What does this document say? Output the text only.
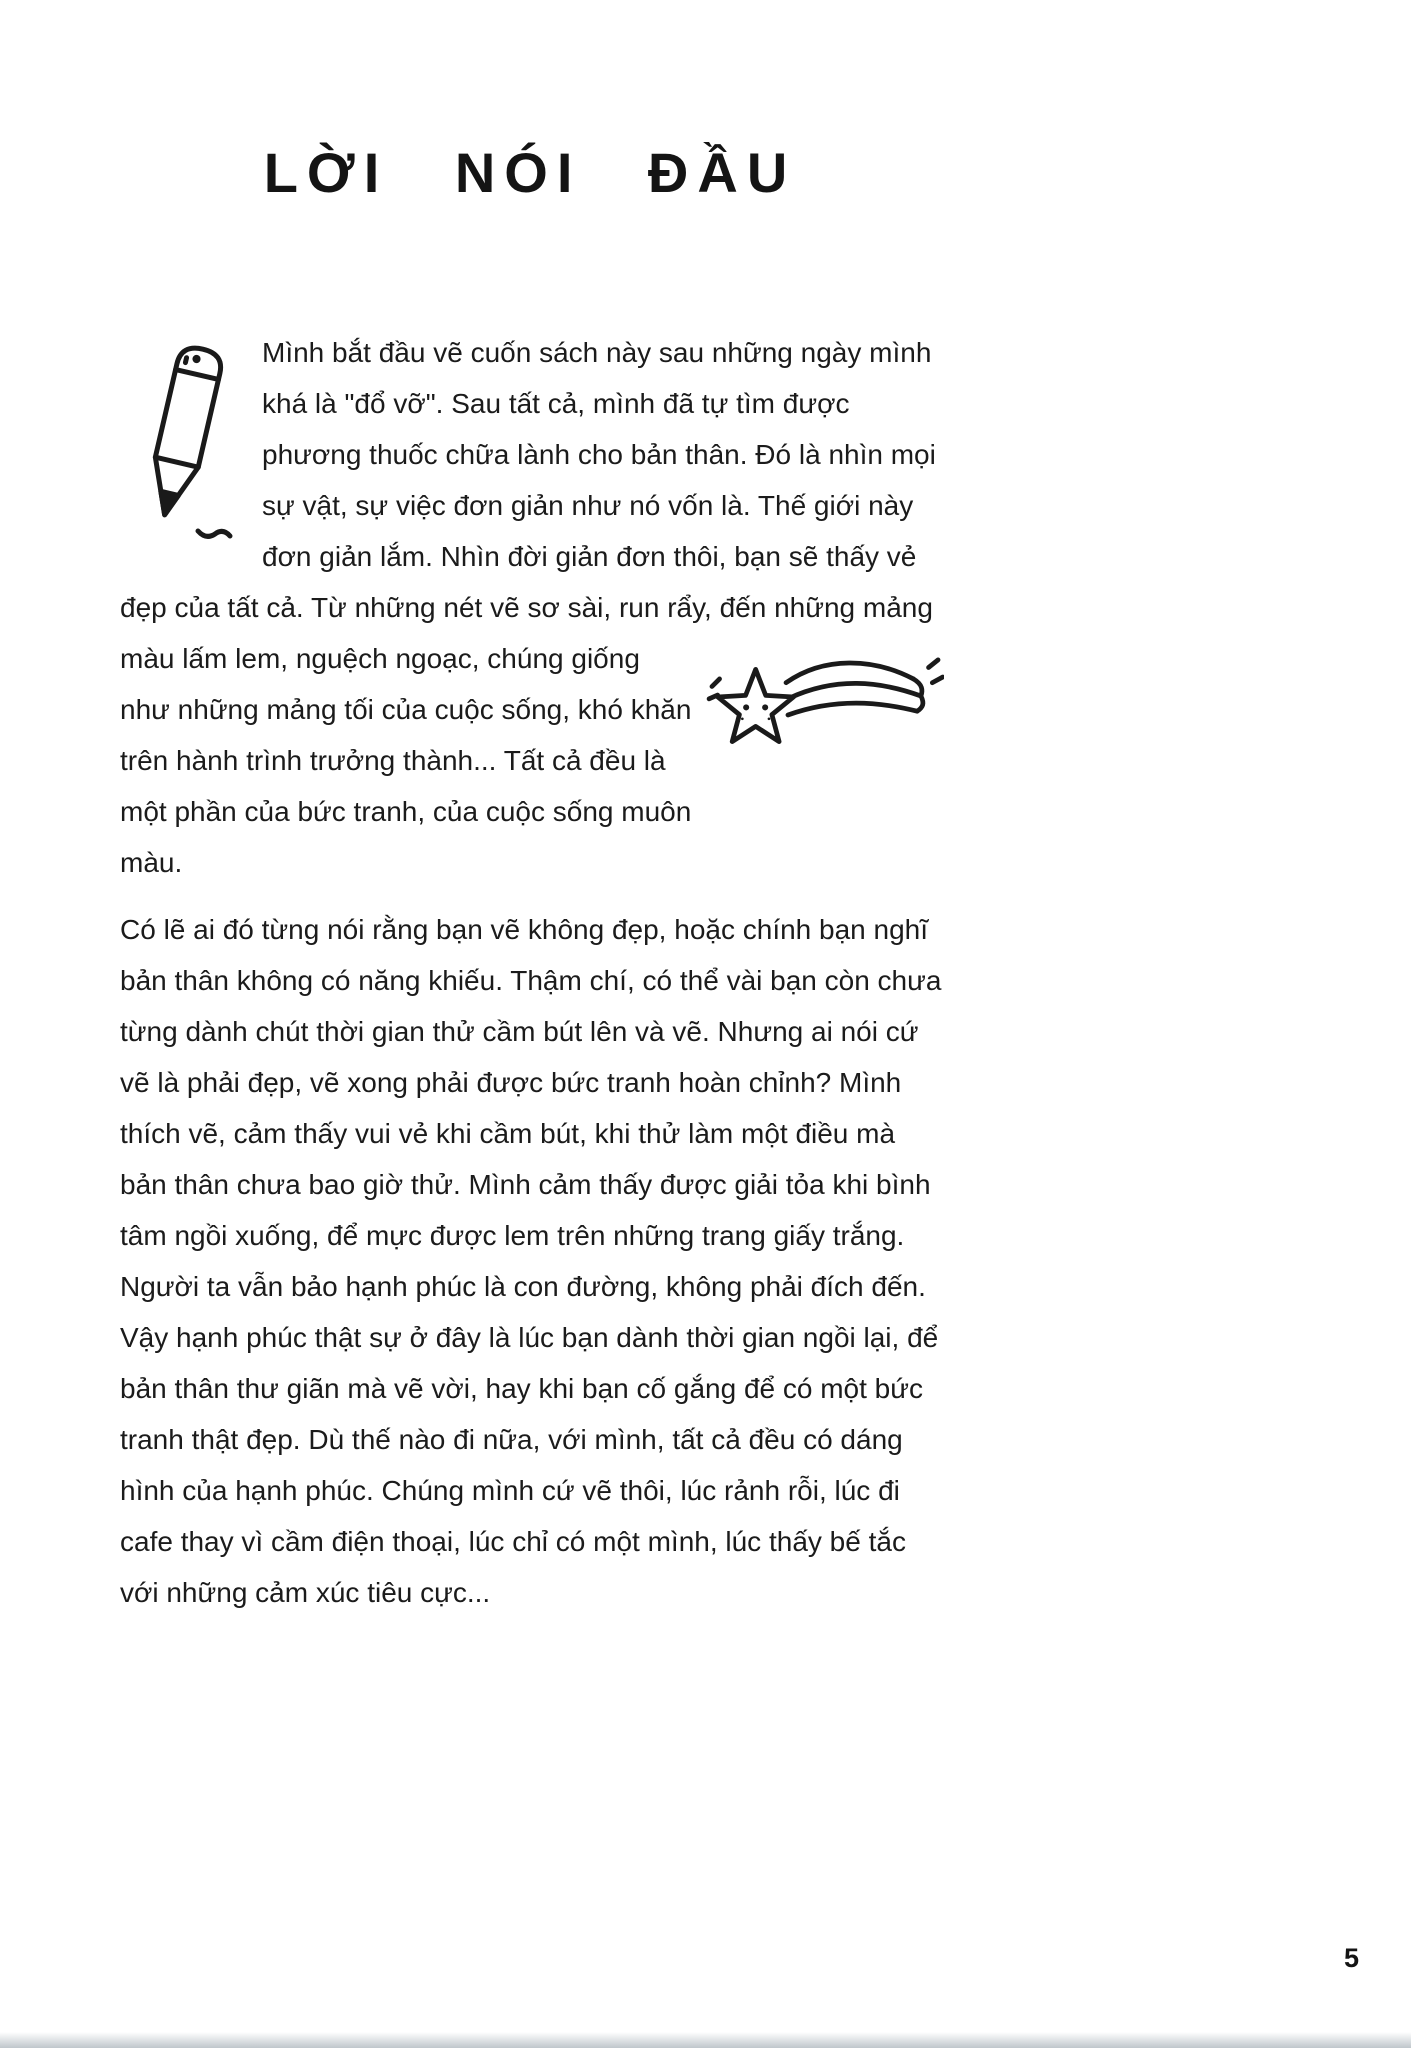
LỜI NÓI ĐẦU

Mình bắt đầu vẽ cuốn sách này sau những ngày mình khá là "đổ vỡ". Sau tất cả, mình đã tự tìm được phương thuốc chữa lành cho bản thân. Đó là nhìn mọi sự vật, sự việc đơn giản như nó vốn là. Thế giới này đơn giản lắm. Nhìn đời giản đơn thôi, bạn sẽ thấy vẻ đẹp của tất cả. Từ những nét vẽ sơ sài, run rẩy, đến những mảng màu lấm lem, nguệch ngoạc, chúng giống như những mảng tối của cuộc sống, khó khăn trên hành trình trưởng thành... Tất cả đều là một phần của bức tranh, của cuộc sống muôn màu.

Có lẽ ai đó từng nói rằng bạn vẽ không đẹp, hoặc chính bạn nghĩ bản thân không có năng khiếu. Thậm chí, có thể vài bạn còn chưa từng dành chút thời gian thử cầm bút lên và vẽ. Nhưng ai nói cứ vẽ là phải đẹp, vẽ xong phải được bức tranh hoàn chỉnh? Mình thích vẽ, cảm thấy vui vẻ khi cầm bút, khi thử làm một điều mà bản thân chưa bao giờ thử. Mình cảm thấy được giải tỏa khi bình tâm ngồi xuống, để mực được lem trên những trang giấy trắng. Người ta vẫn bảo hạnh phúc là con đường, không phải đích đến. Vậy hạnh phúc thật sự ở đây là lúc bạn dành thời gian ngồi lại, để bản thân thư giãn mà vẽ vời, hay khi bạn cố gắng để có một bức tranh thật đẹp. Dù thế nào đi nữa, với mình, tất cả đều có dáng hình của hạnh phúc. Chúng mình cứ vẽ thôi, lúc rảnh rỗi, lúc đi cafe thay vì cầm điện thoại, lúc chỉ có một mình, lúc thấy bế tắc với những cảm xúc tiêu cực...

5
